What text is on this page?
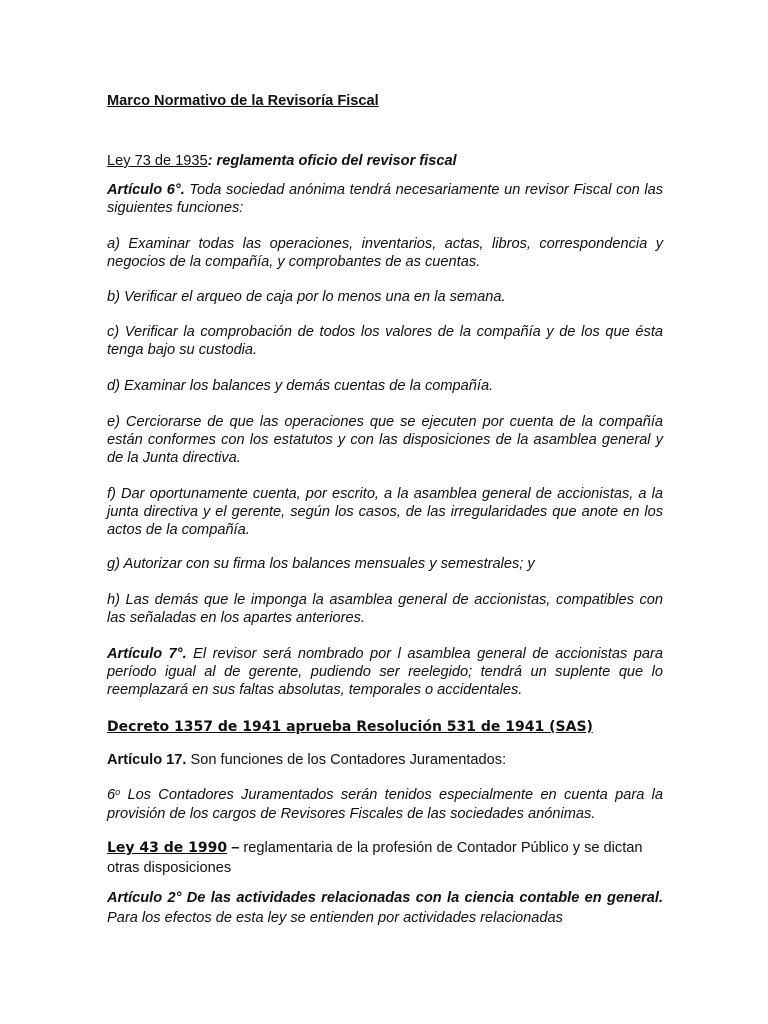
Marco Normativo de la Revisoría Fiscal
Ley 73 de 1935: reglamenta oficio del revisor fiscal
Artículo 6°. Toda sociedad anónima tendrá necesariamente un revisor Fiscal con las siguientes funciones:
a) Examinar todas las operaciones, inventarios, actas, libros, correspondencia y negocios de la compañía, y comprobantes de as cuentas.
b) Verificar el arqueo de caja por lo menos una en la semana.
c) Verificar la comprobación de todos los valores de la compañía y de los que ésta tenga bajo su custodia.
d) Examinar los balances y demás cuentas de la compañía.
e) Cerciorarse de que las operaciones que se ejecuten por cuenta de la compañía están conformes con los estatutos y con las disposiciones de la asamblea general y de la Junta directiva.
f) Dar oportunamente cuenta, por escrito, a la asamblea general de accionistas, a la junta directiva y el gerente, según los casos, de las irregularidades que anote en los actos de la compañía.
g) Autorizar con su firma los balances mensuales y semestrales; y
h) Las demás que le imponga la asamblea general de accionistas, compatibles con las señaladas en los apartes anteriores.
Artículo 7°. El revisor será nombrado por l asamblea general de accionistas para período igual al de gerente, pudiendo ser reelegido; tendrá un suplente que lo reemplazará en sus faltas absolutas, temporales o accidentales.
Decreto 1357 de 1941 aprueba Resolución 531 de 1941 (SAS)
Artículo 17. Son funciones de los Contadores Juramentados:
6$^o$ Los Contadores Juramentados serán tenidos especialmente en cuenta para la provisión de los cargos de Revisores Fiscales de las sociedades anónimas.
Ley 43 de 1990 – reglamentaria de la profesión de Contador Público y se dictan otras disposiciones
Artículo 2° De las actividades relacionadas con la ciencia contable en general. Para los efectos de esta ley se entienden por actividades relacionadas
